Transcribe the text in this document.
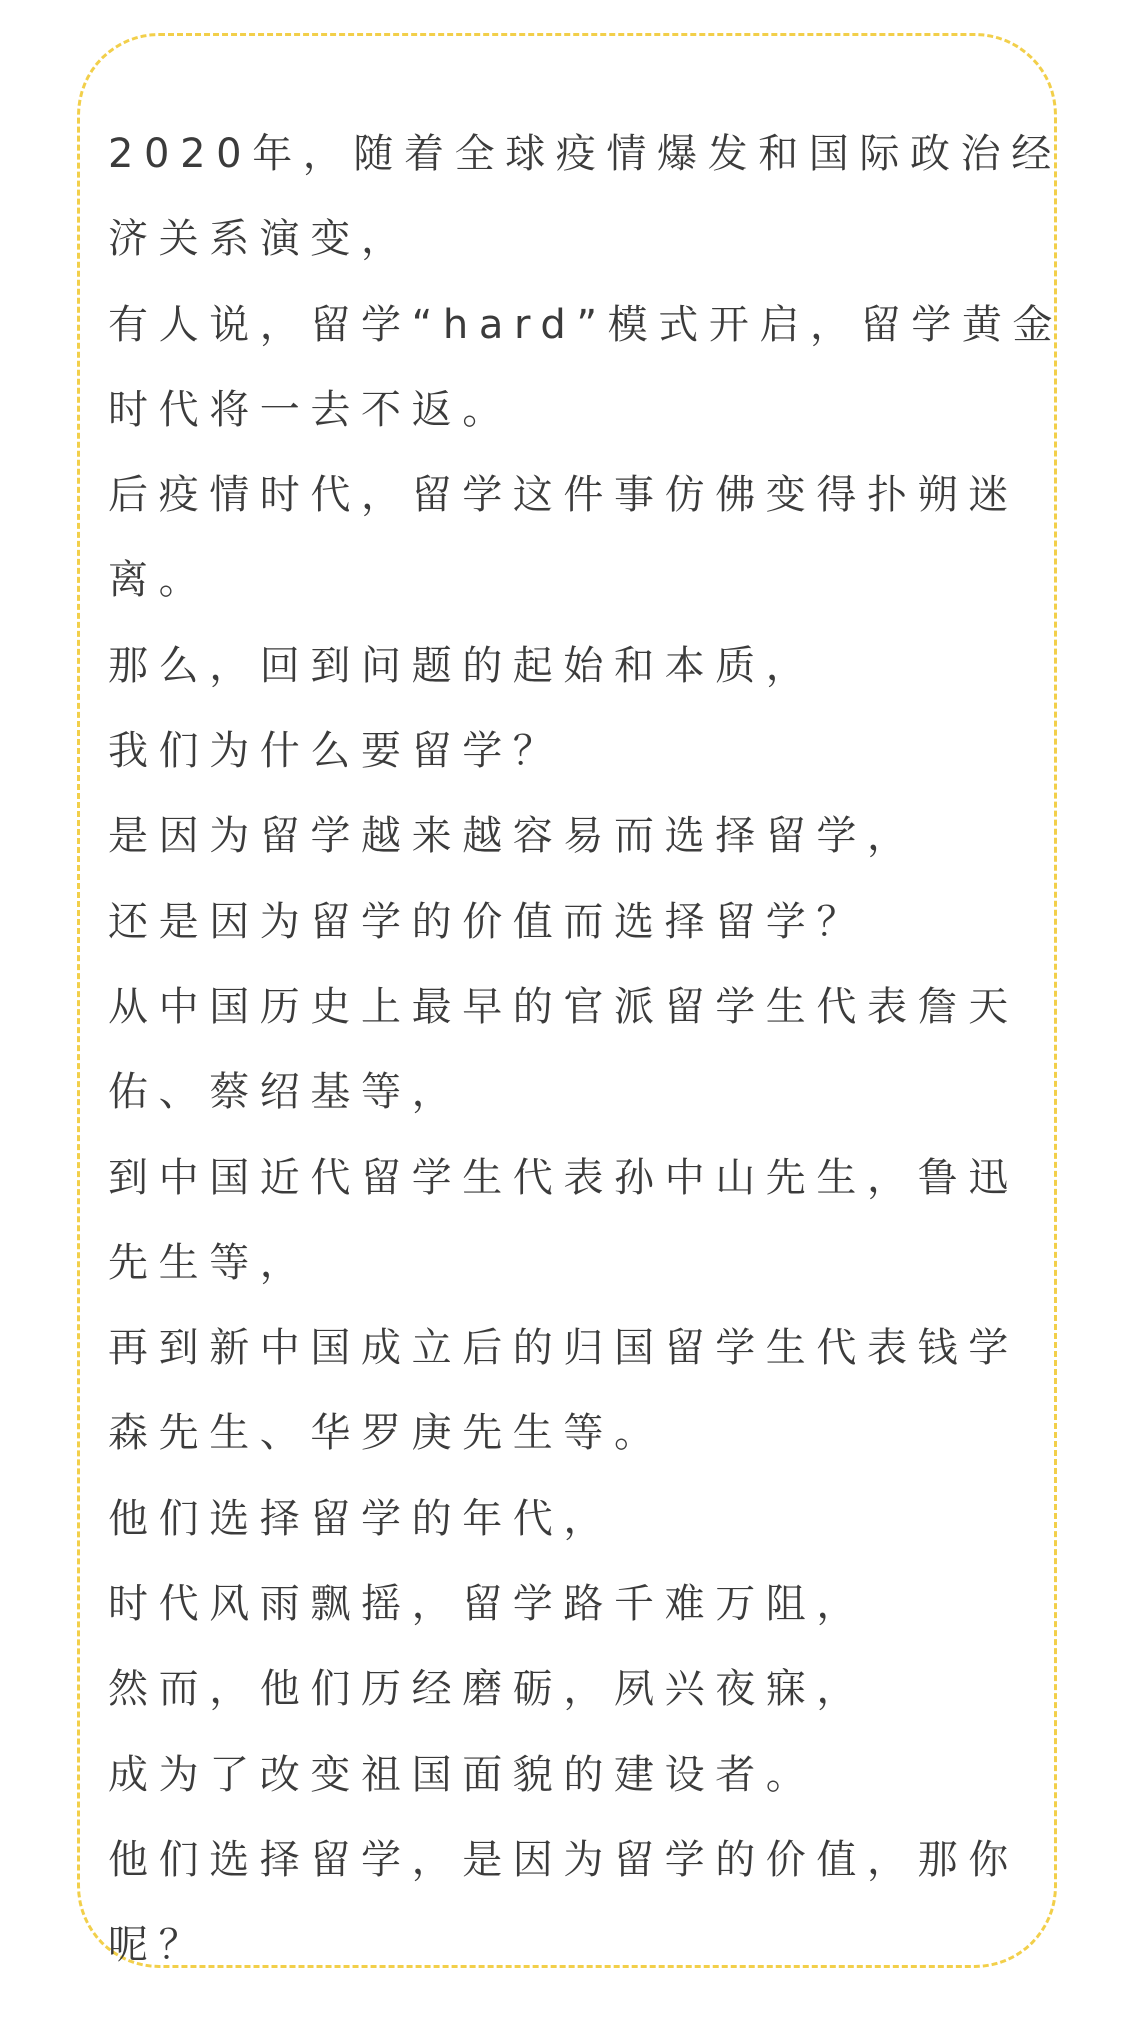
2020年，随着全球疫情爆发和国际政治经

济关系演变，

有人说，留学“hard”模式开启，留学黄金

时代将一去不返。

后疫情时代，留学这件事仿佛变得扑朔迷

离。

那么，回到问题的起始和本质，

我们为什么要留学？

是因为留学越来越容易而选择留学，

还是因为留学的价值而选择留学？

从中国历史上最早的官派留学生代表詹天

佑、蔡绍基等，

到中国近代留学生代表孙中山先生，鲁迅

先生等，

再到新中国成立后的归国留学生代表钱学

森先生、华罗庚先生等。

他们选择留学的年代，

时代风雨飘摇，留学路千难万阻，

然而，他们历经磨砺，夙兴夜寐，

成为了改变祖国面貌的建设者。

他们选择留学，是因为留学的价值，那你

呢？
